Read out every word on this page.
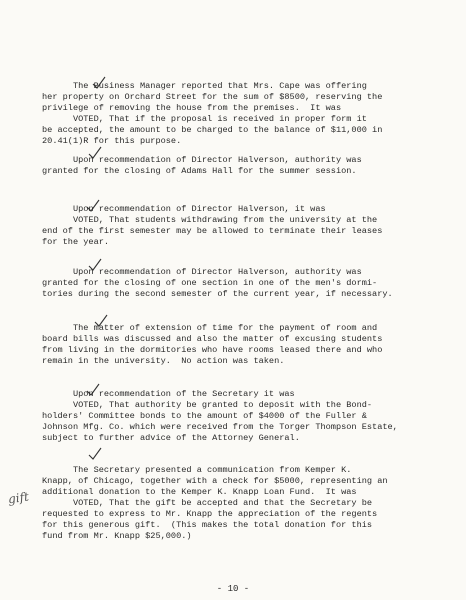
The Business Manager reported that Mrs. Cape was offering
her property on Orchard Street for the sum of $8500, reserving the
privilege of removing the house from the premises.  It was
VOTED, That if the proposal is received in proper form it
be accepted, the amount to be charged to the balance of $11,000 in
20.41(1)R for this purpose.
Upon recommendation of Director Halverson, authority was
granted for the closing of Adams Hall for the summer session.
Upon recommendation of Director Halverson, it was
VOTED, That students withdrawing from the university at the
end of the first semester may be allowed to terminate their leases
for the year.
Upon recommendation of Director Halverson, authority was
granted for the closing of one section in one of the men's dormi-
tories during the second semester of the current year, if necessary.
The matter of extension of time for the payment of room and
board bills was discussed and also the matter of excusing students
from living in the dormitories who have rooms leased there and who
remain in the university.  No action was taken.
Upon recommendation of the Secretary it was
VOTED, That authority be granted to deposit with the Bond-
holders' Committee bonds to the amount of $4000 of the Fuller &
Johnson Mfg. Co. which were received from the Torger Thompson Estate,
subject to further advice of the Attorney General.
The Secretary presented a communication from Kemper K.
Knapp, of Chicago, together with a check for $5000, representing an
additional donation to the Kemper K. Knapp Loan Fund.  It was
VOTED, That the gift be accepted and that the Secretary be
requested to express to Mr. Knapp the appreciation of the regents
for this generous gift.  (This makes the total donation for this
fund from Mr. Knapp $25,000.)
gift
- 10 -
